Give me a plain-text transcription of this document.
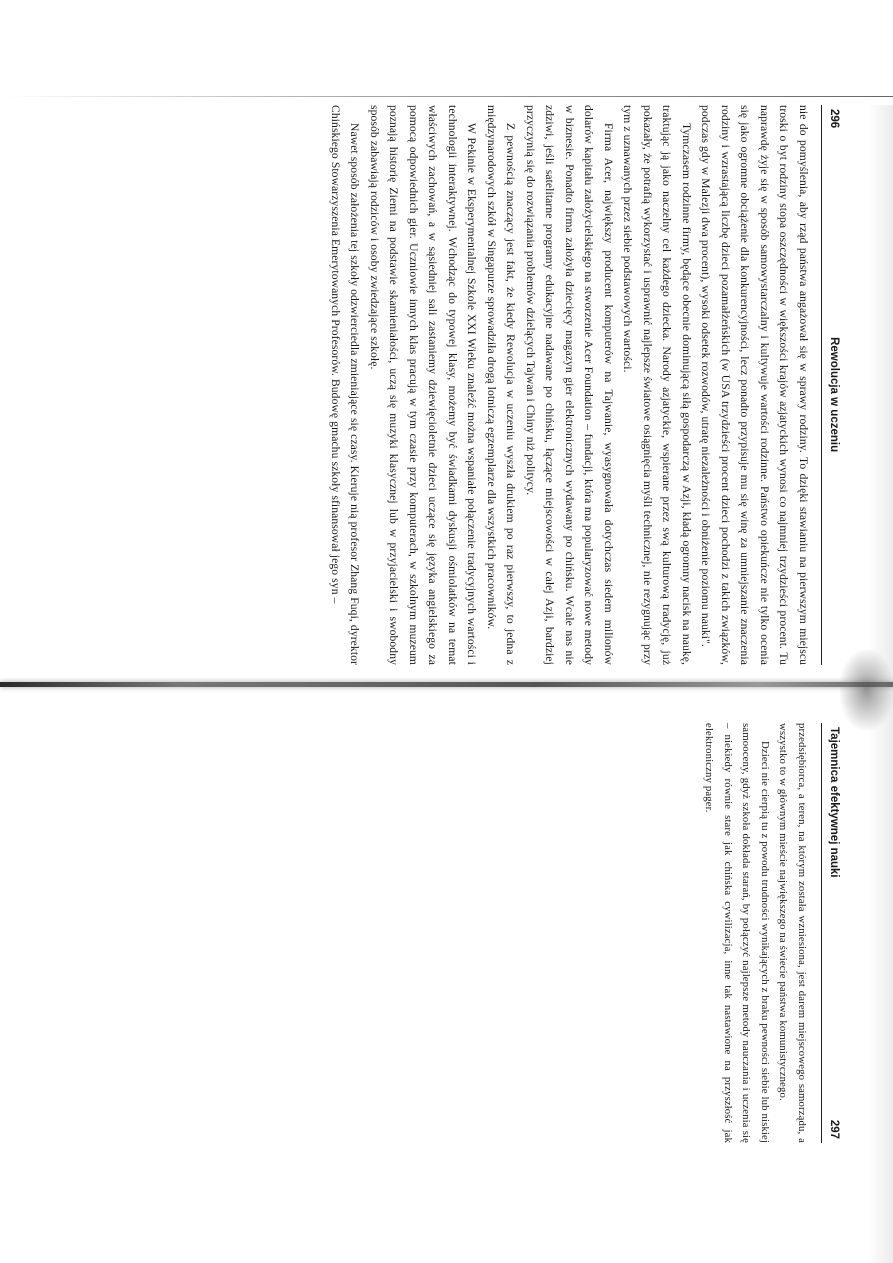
296
Rewolucja w uczeniu

nie do pomyślenia, aby rząd państwa angażował się w sprawy rodziny. To dzięki stawianiu na pierwszym miejscu troski o byt rodziny stopa oszczędności w większości krajów azjatyckich wynosi co najmniej trzydzieści procent. Tu naprawdę żyje się w sposób samowystarczalny i kultywuje wartości rodzinne. Państwo opiekuńcze nie tylko ocenia się jako ogromne obciążenie dla konkurencyjności, lecz ponadto przypisuje mu się winę za umniejszanie znaczenia rodziny i wzrastającą liczbę dzieci pozamałżeńskich (w USA trzydzieści procent dzieci pochodzi z takich związków, podczas gdy w Malezji dwa procent), wysoki odsetek rozwodów, utratę niezależności i obniżenie poziomu nauki".

Tymczasem rodzinne firmy, będące obecnie dominującą siłą gospodarczą w Azji, kładą ogromny nacisk na naukę, traktując ją jako naczelny cel każdego dziecka. Narody azjatyckie, wspierane przez swą kulturową tradycję, już pokazały, że potrafią wykorzystać i usprawnić najlepsze światowe osiągnięcia myśli technicznej, nie rezygnując przy tym z uznawanych przez siebie podstawowych wartości.

Firma Acer, największy producent komputerów na Tajwanie, wyasygnowała dotychczas siedem milionów dolarów kapitału założycielskiego na stworzenie Acer Foundation – fundacji, która ma popularyzować nowe metody w biznesie. Ponadto firma założyła dziecięcy magazyn gier elektronicznych wydawany po chińsku. Wcale nas nie zdziwi, jeśli satelitarne programy edukacyjne nadawane po chińsku, łączące miejscowości w całej Azji, bardziej przyczynią się do rozwiązania problemów dzielących Tajwan i Chiny niż politycy.

Z pewnością znaczący jest fakt, że kiedy Rewolucja w uczeniu wyszła drukiem po raz pierwszy, to jedna z międzynarodowych szkół w Singapurze sprowadziła drogą lotniczą egzemplarze dla wszystkich pracowników.

W Pekinie w Eksperymentalnej Szkole XXI Wieku znaleźć można wspaniałe połączenie tradycyjnych wartości i technologii interaktywnej. Wchodząc do typowej klasy, możemy być świadkami dyskusji ośmiolatków na temat właściwych zachowań, a w sąsiedniej sali zastaniemy dziewięcioletnie dzieci uczące się języka angielskiego za pomocą odpowiednich gier. Uczniowie innych klas pracują w tym czasie przy komputerach, w szkolnym muzeum poznają historię Ziemi na podstawie skamieniałości, uczą się muzyki klasycznej lub w przyjacielski i swobodny sposób zabawiają rodziców i osoby zwiedzające szkołę.

Nawet sposób założenia tej szkoły odzwierciedla zmieniające się czasy. Kieruje nią profesor Zhang Fuqi, dyrektor Chińskiego Stowarzyszenia Emerytowanych Profesorów. Budowę gmachu szkoły sfinansował jego syn –

Tajemnica efektywnej nauki
297

przedsiębiorca, a teren, na którym została wzniesiona, jest darem miejscowego samorządu, a wszystko to w głównym mieście największego na świecie państwa komunistycznego.

Dzieci nie cierpią tu z powodu trudności wynikających z braku pewności siebie lub niskiej samooceny, gdyż szkoła dokłada starań, by połączyć najlepsze metody nauczania i uczenia się – niekiedy równie stare jak chińska cywilizacja, inne tak nastawione na przyszłość jak elektroniczny pager.
